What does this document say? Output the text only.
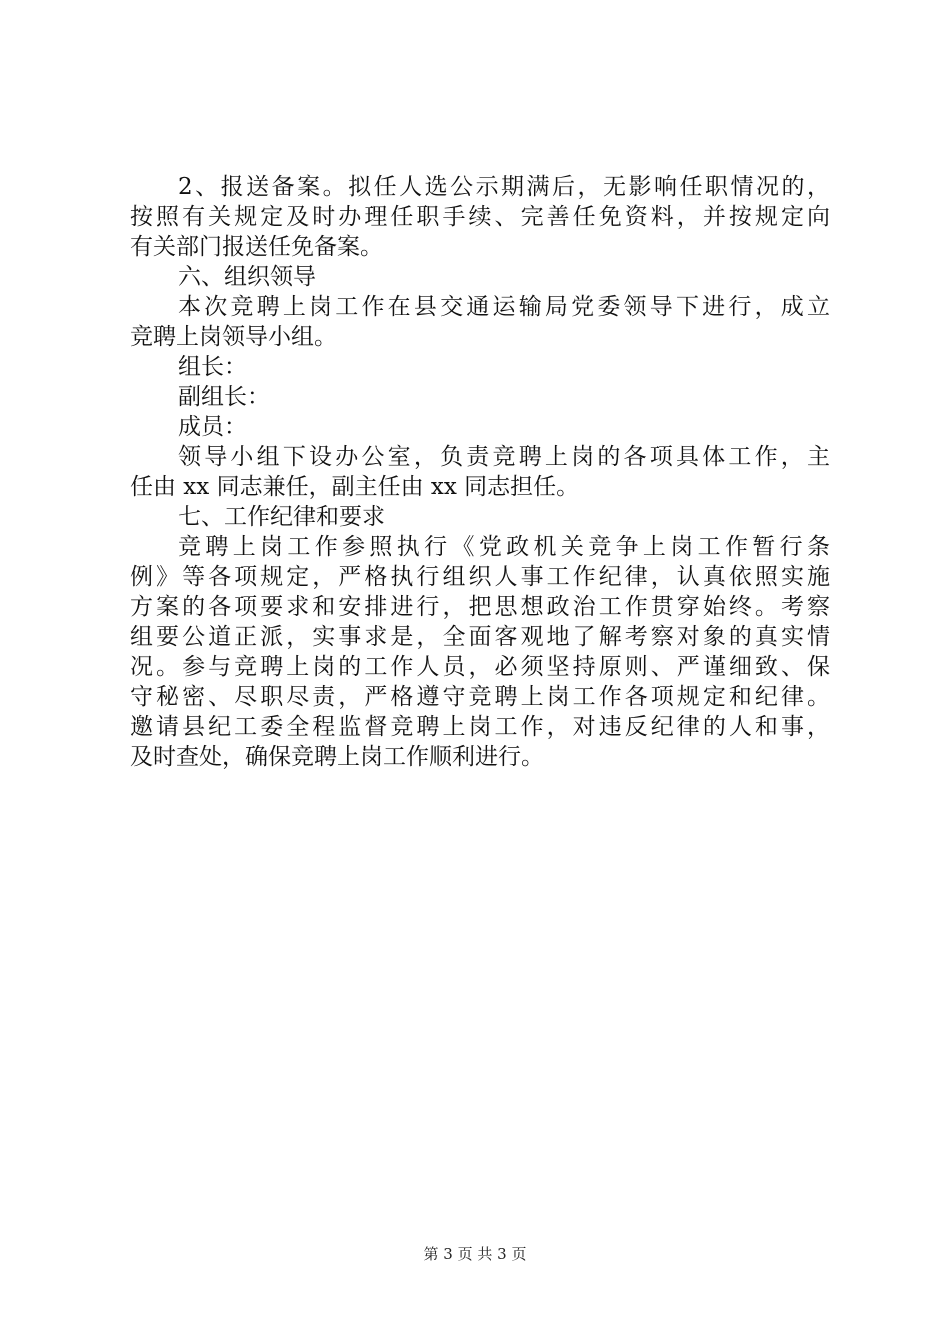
2、报送备案。拟任人选公示期满后，无影响任职情况的，
按照有关规定及时办理任职手续、完善任免资料，并按规定向
有关部门报送任免备案。
六、组织领导
本次竞聘上岗工作在县交通运输局党委领导下进行，成立
竞聘上岗领导小组。
组长：
副组长：
成员：
领导小组下设办公室，负责竞聘上岗的各项具体工作，主
任由 xx 同志兼任，副主任由 xx 同志担任。
七、工作纪律和要求
竞聘上岗工作参照执行《党政机关竞争上岗工作暂行条
例》等各项规定，严格执行组织人事工作纪律，认真依照实施
方案的各项要求和安排进行，把思想政治工作贯穿始终。考察
组要公道正派，实事求是，全面客观地了解考察对象的真实情
况。参与竞聘上岗的工作人员，必须坚持原则、严谨细致、保
守秘密、尽职尽责，严格遵守竞聘上岗工作各项规定和纪律。
邀请县纪工委全程监督竞聘上岗工作，对违反纪律的人和事，
及时查处，确保竞聘上岗工作顺利进行。
第 3 页 共 3 页
